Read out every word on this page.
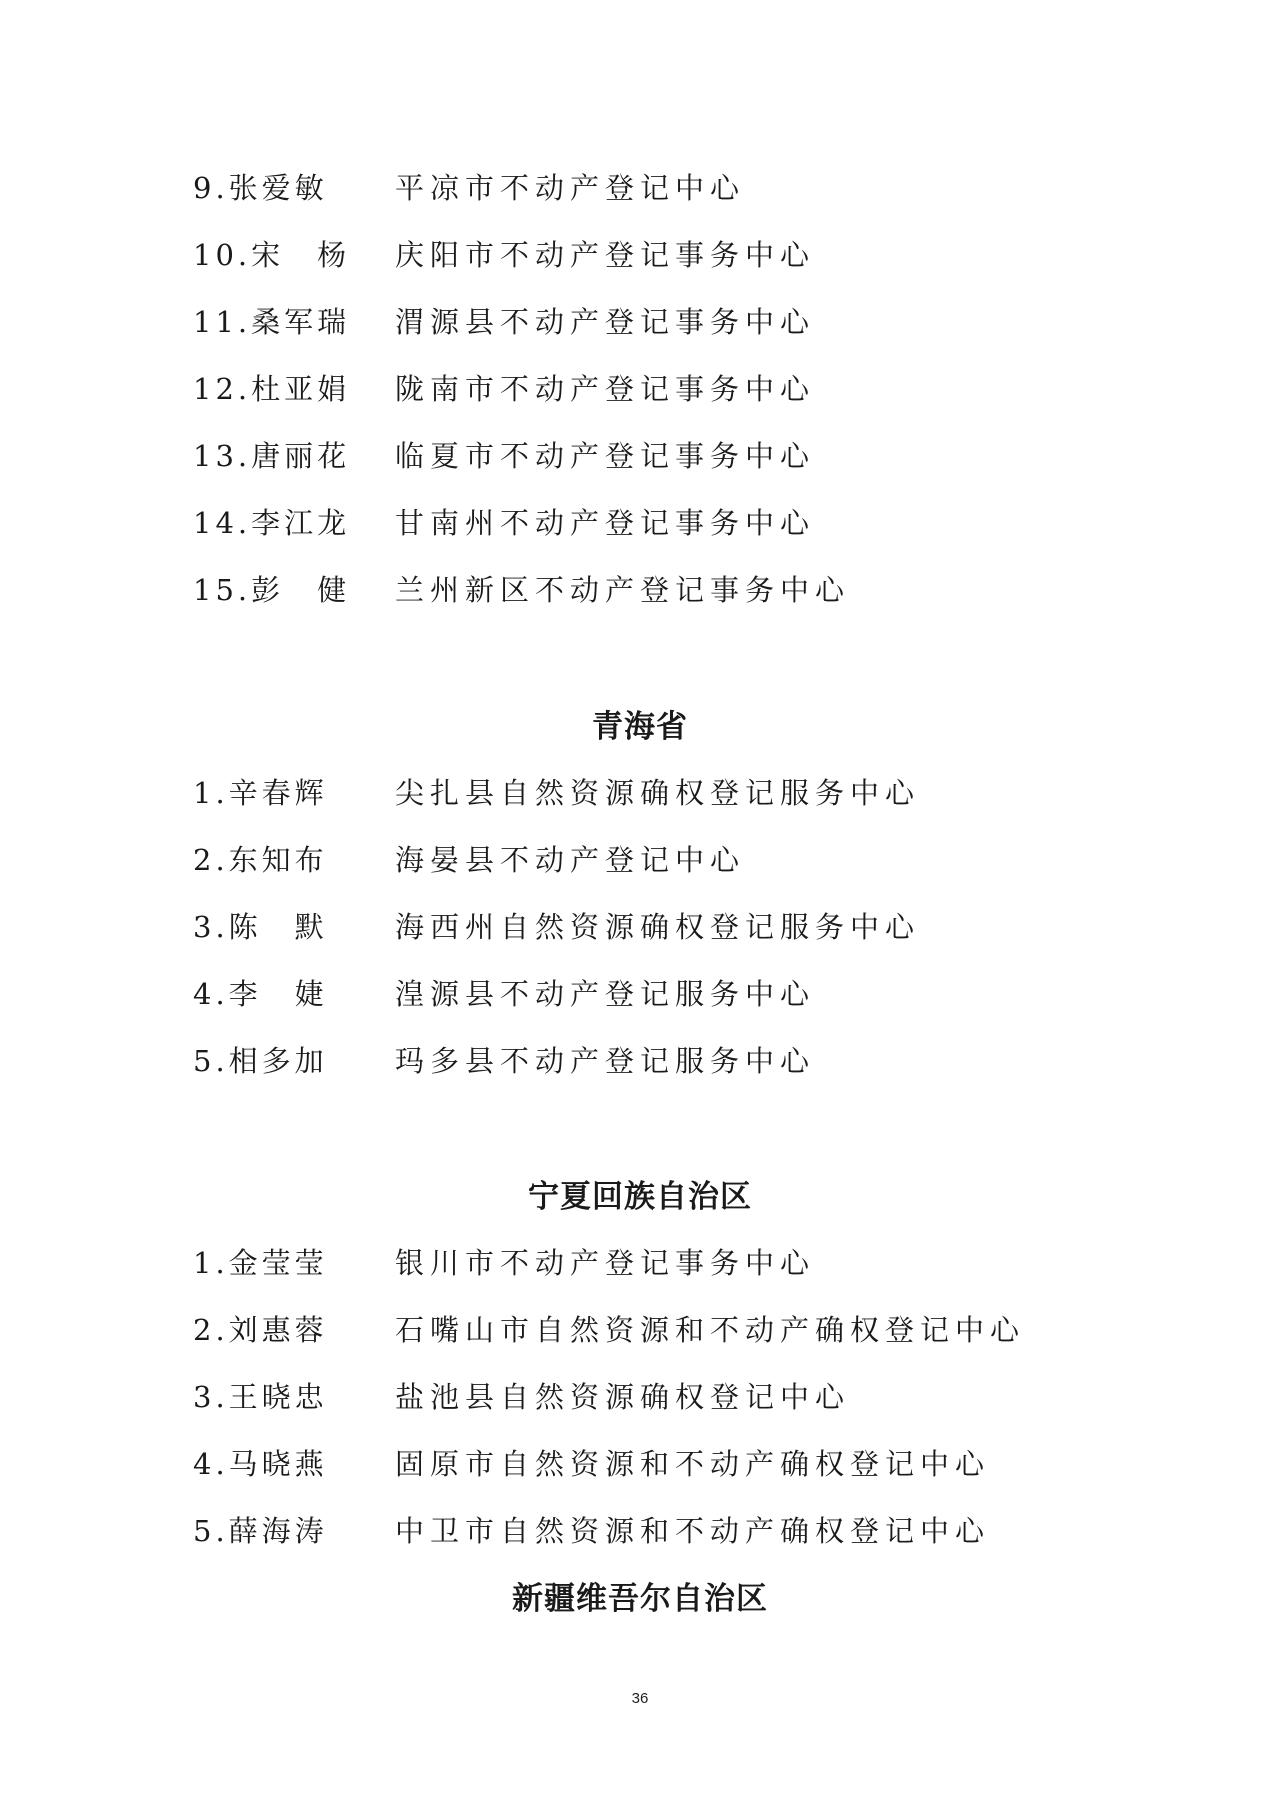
9.张爱敏 平凉市不动产登记中心
10.宋　杨 庆阳市不动产登记事务中心
11.桑军瑞 渭源县不动产登记事务中心
12.杜亚娟 陇南市不动产登记事务中心
13.唐丽花 临夏市不动产登记事务中心
14.李江龙 甘南州不动产登记事务中心
15.彭　健 兰州新区不动产登记事务中心
青海省
1.辛春辉 尖扎县自然资源确权登记服务中心
2.东知布 海晏县不动产登记中心
3.陈　默 海西州自然资源确权登记服务中心
4.李　婕 湟源县不动产登记服务中心
5.相多加 玛多县不动产登记服务中心
宁夏回族自治区
1.金莹莹 银川市不动产登记事务中心
2.刘惠蓉 石嘴山市自然资源和不动产确权登记中心
3.王晓忠 盐池县自然资源确权登记中心
4.马晓燕 固原市自然资源和不动产确权登记中心
5.薛海涛 中卫市自然资源和不动产确权登记中心
新疆维吾尔自治区
36
